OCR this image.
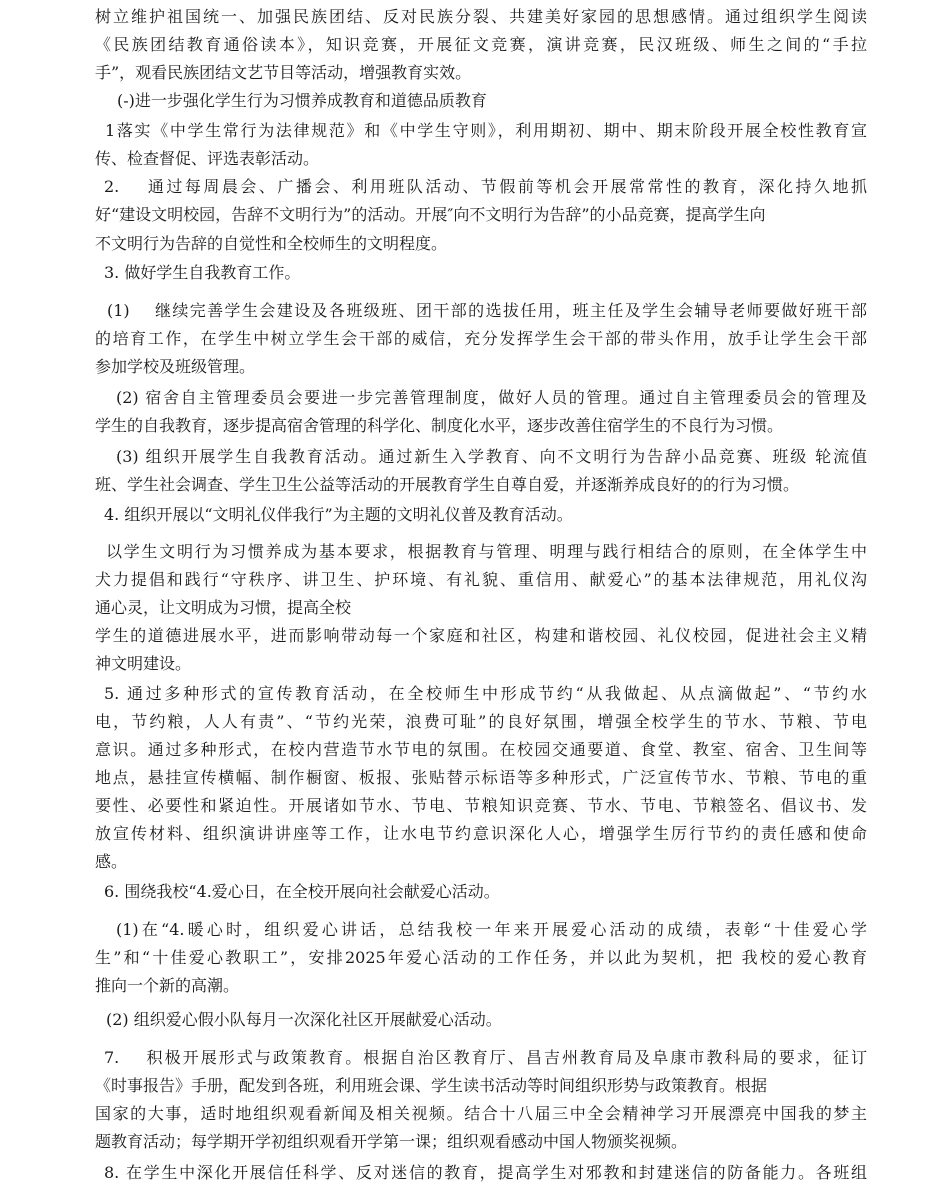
树立维护祖国统一、加强民族团结、反对民族分裂、共建美好家园的思想感情。通过组织学生阅读
《民族团结教育通俗读本》，知识竞赛，开展征文竞赛，演讲竞赛，民汉班级、师生之间的“手拉
手”，观看民族团结文艺节目等活动，增强教育实效。
(-)进一步强化学生行为习惯养成教育和道德品质教育
1落实《中学生常行为法律规范》和《中学生守则》，利用期初、期中、期末阶段开展全校性教育宣
传、检查督促、评选表彰活动。
2.　 通过每周晨会、广播会、利用班队活动、节假前等机会开展常常性的教育，深化持久地抓
好“建设文明校园，告辞不文明行为”的活动。开展″向不文明行为告辞”的小品竞赛，提高学生向
不文明行为告辞的自觉性和全校师生的文明程度。
3. 做好学生自我教育工作。
(1)　 继续完善学生会建设及各班级班、团干部的选拔任用，班主任及学生会辅导老师要做好班干部
的培育工作，在学生中树立学生会干部的威信，充分发挥学生会干部的带头作用，放手让学生会干部
参加学校及班级管理。
(2) 宿舍自主管理委员会要进一步完善管理制度，做好人员的管理。通过自主管理委员会的管理及
学生的自我教育，逐步提高宿舍管理的科学化、制度化水平，逐步改善住宿学生的不良行为习惯。
(3) 组织开展学生自我教育活动。通过新生入学教育、向不文明行为告辞小品竞赛、班级 轮流值
班、学生社会调查、学生卫生公益等活动的开展教育学生自尊自爱，并逐渐养成良好的的行为习惯。
4. 组织开展以“文明礼仪伴我行”为主题的文明礼仪普及教育活动。
以学生文明行为习惯养成为基本要求，根据教育与管理、明理与践行相结合的原则，在全体学生中
犬力提倡和践行“守秩序、讲卫生、护环境、有礼貌、重信用、献爱心”的基本法律规范，用礼仪沟
通心灵，让文明成为习惯，提高全校
学生的道德进展水平，进而影响带动每一个家庭和社区，构建和谐校园、礼仪校园，促进社会主义精
神文明建设。
5. 通过多种形式的宣传教育活动，在全校师生中形成节约“从我做起、从点滴做起”、“节约水
电，节约粮，人人有责”、“节约光荣，浪费可耻”的良好氛围，增强全校学生的节水、节粮、节电
意识。通过多种形式，在校内营造节水节电的氛围。在校园交通要道、食堂、教室、宿舍、卫生间等
地点，悬挂宣传横幅、制作橱窗、板报、张贴替示标语等多种形式，广泛宣传节水、节粮、节电的重
要性、必要性和紧迫性。开展诸如节水、节电、节粮知识竞赛、节水、节电、节粮签名、倡议书、发
放宣传材料、组织演讲讲座等工作，让水电节约意识深化人心，增强学生厉行节约的责任感和使命
感。
6. 围绕我校“4.爱心日，在全校开展向社会献爱心活动。
(1)在“4.暖心时，组织爱心讲话，总结我校一年来开展爱心活动的成绩，表彰“十佳爱心学
生”和“十佳爱心教职工”，安排2025年爱心活动的工作任务，并以此为契机，把 我校的爱心教育
推向一个新的高潮。
(2) 组织爱心假小队每月一次深化社区开展献爱心活动。
7.　 积极开展形式与政策教育。根据自治区教育厅、昌吉州教育局及阜康市教科局的要求，征订
《时事报告》手册，配发到各班，利用班会课、学生读书活动等时间组织形势与政策教育。根据
国家的大事，适时地组织观看新闻及相关视频。结合十八届三中全会精神学习开展漂亮中国我的梦主
题教育活动；每学期开学初组织观看开学第一课；组织观看感动中国人物颁奖视频。
8. 在学生中深化开展信任科学、反对迷信的教育，提高学生对邪教和封建迷信的防备能力。各班组
